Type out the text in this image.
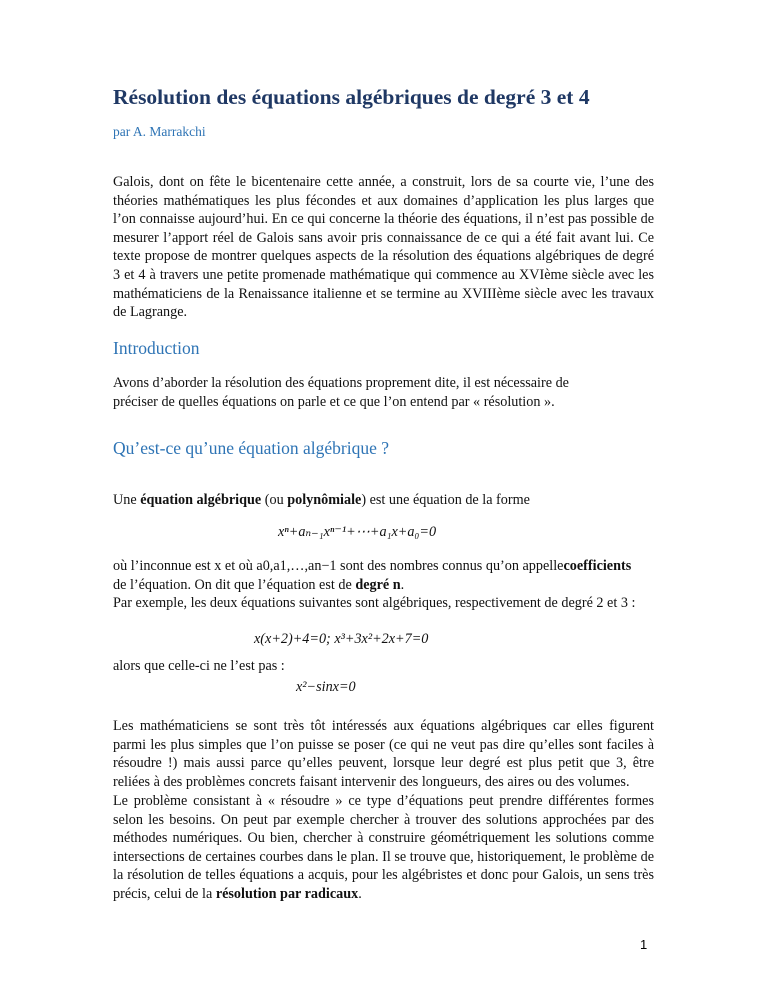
Résolution des équations algébriques de degré 3 et 4
par A. Marrakchi

Galois, dont on fête le bicentenaire cette année, a construit, lors de sa courte vie, l’une des théories mathématiques les plus fécondes et aux domaines d’application les plus larges que l’on connaisse aujourd’hui. En ce qui concerne la théorie des équations, il n’est pas possible de mesurer l’apport réel de Galois sans avoir pris connaissance de ce qui a été fait avant lui. Ce texte propose de montrer quelques aspects de la résolution des équations algébriques de degré 3 et 4 à travers une petite promenade mathématique qui commence au XVIème siècle avec les mathématiciens de la Renaissance italienne et se termine au XVIIIème siècle avec les travaux de Lagrange.

Introduction

Avons d’aborder la résolution des équations proprement dite, il est nécessaire de préciser de quelles équations on parle et ce que l’on entend par « résolution ».

Qu’est-ce qu’une équation algébrique ?

Une équation algébrique (ou polynômiale) est une équation de la forme

xⁿ+aₙ₋₁xⁿ⁻¹+⋯+a₁x+a₀=0

où l’inconnue est x et où a0,a1,…,an−1 sont des nombres connus qu’on appellecoefficients de l’équation. On dit que l’équation est de degré n.

Par exemple, les deux équations suivantes sont algébriques, respectivement de degré 2 et 3 :

x(x+2)+4=0; x³+3x²+2x+7=0

alors que celle-ci ne l’est pas :

x²−sinx=0

Les mathématiciens se sont très tôt intéressés aux équations algébriques car elles figurent parmi les plus simples que l’on puisse se poser (ce qui ne veut pas dire qu’elles sont faciles à résoudre !) mais aussi parce qu’elles peuvent, lorsque leur degré est plus petit que 3, être reliées à des problèmes concrets faisant intervenir des longueurs, des aires ou des volumes.

Le problème consistant à « résoudre » ce type d’équations peut prendre différentes formes selon les besoins. On peut par exemple chercher à trouver des solutions approchées par des méthodes numériques. Ou bien, chercher à construire géométriquement les solutions comme intersections de certaines courbes dans le plan. Il se trouve que, historiquement, le problème de la résolution de telles équations a acquis, pour les algébristes et donc pour Galois, un sens très précis, celui de la résolution par radicaux.

1
